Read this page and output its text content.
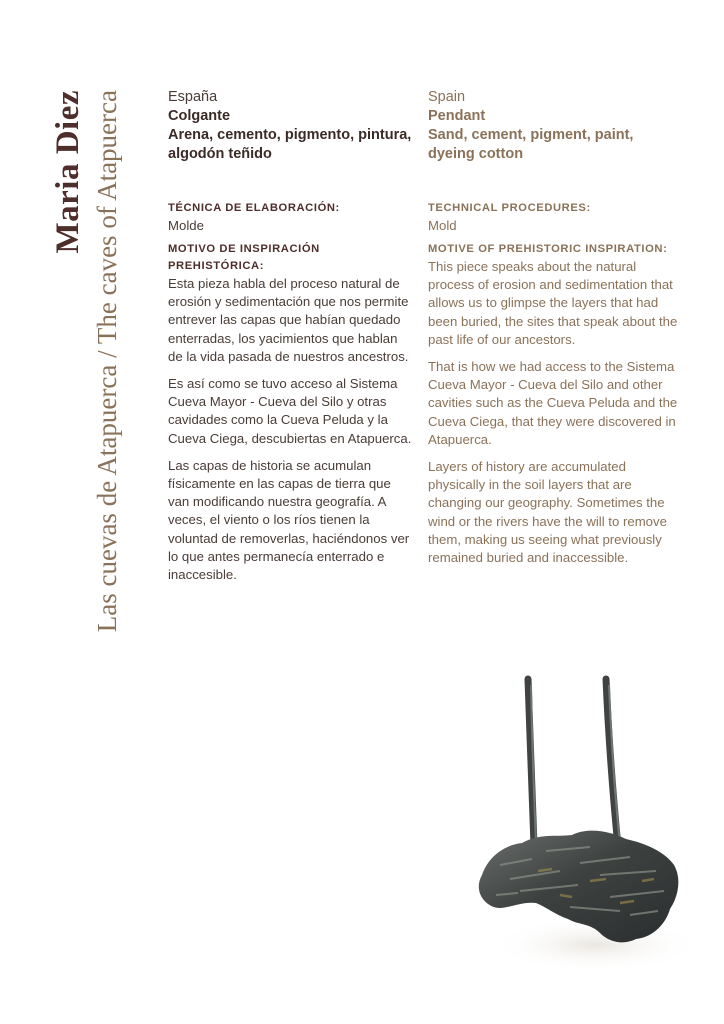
Maria Diez Las cuevas de Atapuerca / The caves of Atapuerca	España
Colgante
Arena, cemento, pigmento, pintura, algodón teñido
TÉCNICA DE ELABORACIÓN:
Molde
MOTIVO DE INSPIRACIÓN PREHISTÓRICA:

Esta pieza habla del proceso natural de erosión y sedimentación que nos permite entrever las capas que habían quedado enterradas, los yacimientos que hablan de la vida pasada de nuestros ancestros.

Es así como se tuvo acceso al Sistema Cueva Mayor - Cueva del Silo y otras cavidades como la Cueva Peluda y la Cueva Ciega, descubiertas en Atapuerca.

Las capas de historia se acumulan físicamente en las capas de tierra que van modificando nuestra geografía. A veces, el viento o los ríos tienen la voluntad de removerlas, haciéndonos ver lo que antes permanecía enterrado e inaccesible.

Spain
Pendant
Sand, cement, pigment, paint, dyeing cotton
TECHNICAL PROCEDURES:
Mold
MOTIVE OF PREHISTORIC INSPIRATION:

This piece speaks about the natural process of erosion and sedimentation that allows us to glimpse the layers that had been buried, the sites that speak about the past life of our ancestors.

That is how we had access to the Sistema Cueva Mayor - Cueva del Silo and other cavities such as the Cueva Peluda and the Cueva Ciega, that they were discovered in Atapuerca.

Layers of history are accumulated physically in the soil layers that are changing our geography. Sometimes the wind or the rivers have the will to remove them, making us seeing what previously remained buried and inaccessible.
